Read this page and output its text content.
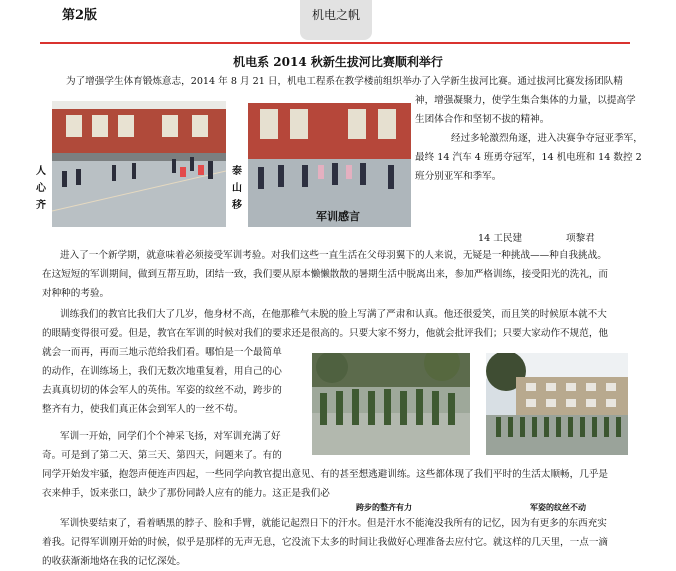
第2版	机电之帆
机电系 2014 秋新生拔河比赛顺利举行

为了增强学生体育锻炼意志，2014 年 8 月 21 日，机电工程系在教学楼前组织举办了入学新生拔河比赛。通过拔河比赛发扬团队精

神，增强凝聚力，使学生集合集体的力量，以提高学

生团体合作和坚韧不拔的精神。

经过多轮激烈角逐，进入决赛争夺冠亚季军，

最终 14 汽车 4 班勇夺冠军，14 机电班和 14 数控 2

班分别亚军和季军。

人心齐
泰山移
军训感言
14 工民建	项黎君

进入了一个新学期，就意味着必须接受军训考验。对我们这些一直生活在父母羽翼下的人来说，无疑是一种挑战——种自我挑战。

在这短短的军训期间，做到互帮互助，团结一致，我们要从原本懒懒散散的暑期生活中脱离出来，参加严格训练，接受阳光的洗礼，而

对种种的考验。

训练我们的教官比我们大了几岁，他身材不高，在他那稚气未脱的脸上写满了严肃和认真。他还很爱笑，而且笑的时候原本就不大

的眼睛变得很可爱。但是，教官在军训的时候对我们的要求还是很高的。只要大家不努力，他就会批评我们；只要大家动作不规范，他

就会一而再，再而三地示范给我们看。哪怕是一个最简单

的动作，在训练场上，我们无数次地重复着，用自己的心

去真真切切的体会军人的英伟。军姿的纹丝不动，跨步的

整齐有力，使我们真正体会到军人的一丝不苟。

军训一开始，同学们个个神采飞扬，对军训充满了好

奇。可是到了第二天、第三天、第四天，问题来了。有的

同学开始发牢骚，抱怨声便连声四起，一些同学向教官提出意见、有的甚至想逃避训练。这些都体现了我们平时的生活太顺畅，几乎是

衣来伸手，饭来张口，缺少了那份同龄人应有的能力。这正是我们必

跨步的整齐有力	军姿的纹丝不动

军训快要结束了，看着晒黑的脖子、脸和手臂，就能记起烈日下的汗水。但是汗水不能淹没我所有的记忆，因为有更多的东西充实

着我。记得军训刚开始的时候，似乎是那样的无声无息，它没流下太多的时间让我做好心理准备去应付它。就这样的几天里，一点一滴

的收获渐渐地烙在我的记忆深处。
